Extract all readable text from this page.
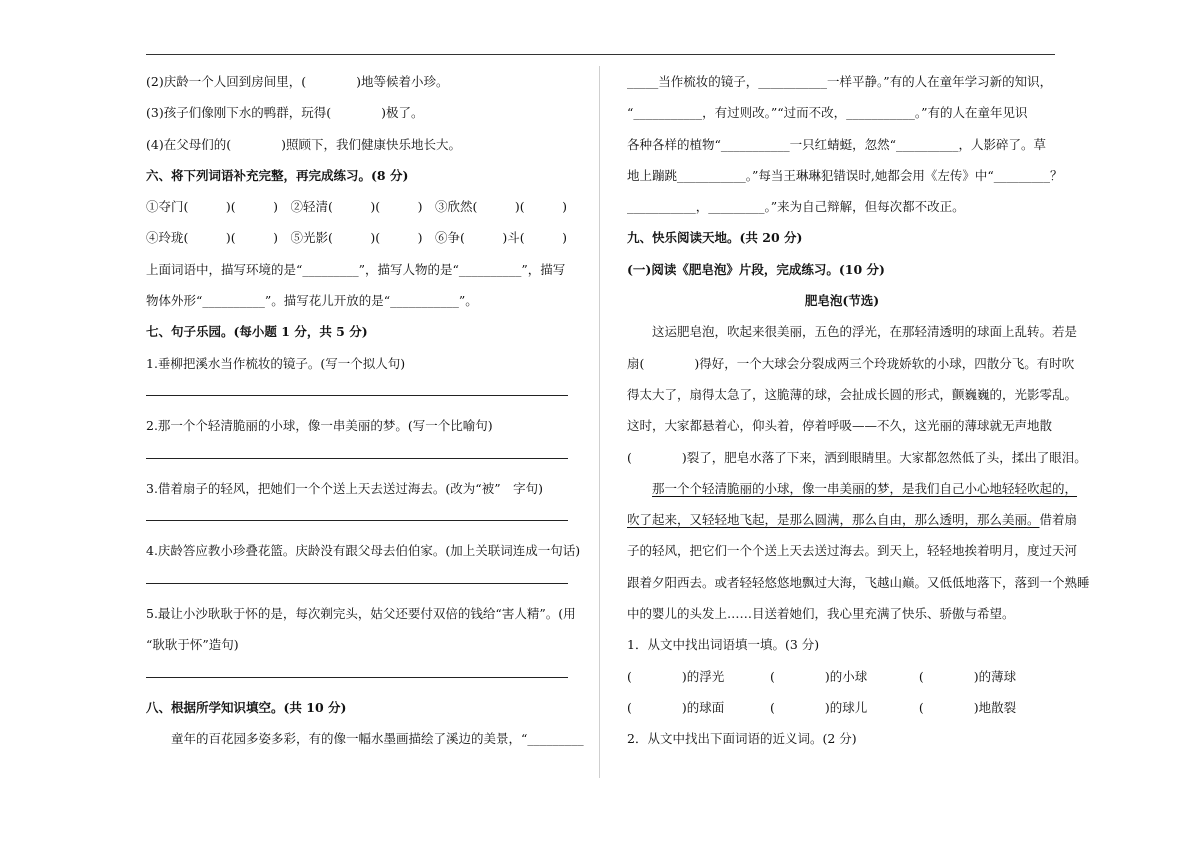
(2)庆龄一个人回到房间里，(　　　　)地等候着小珍。
(3)孩子们像刚下水的鸭群，玩得(　　　　)极了。
(4)在父母们的(　　　　)照顾下，我们健康快乐地长大。
六、将下列词语补充完整，再完成练习。(8 分)
①夺门(　　　)(　　　)　②轻清(　　　)(　　　)　③欣然(　　　)(　　　)
④玲珑(　　　)(　　　)　⑤光影(　　　)(　　　)　⑥争(　　　)斗(　　　)
上面词语中，描写环境的是“_________”，描写人物的是“__________”，描写
物体外形“__________”。描写花儿开放的是“___________”。
七、句子乐园。(每小题 1 分，共 5 分)
1.垂柳把溪水当作梳妆的镜子。(写一个拟人句)
2.那一个个轻清脆丽的小球，像一串美丽的梦。(写一个比喻句)
3.借着扇子的轻风，把她们一个个送上天去送过海去。(改为“被”　字句)
4.庆龄答应教小珍叠花篮。庆龄没有跟父母去伯伯家。(加上关联词连成一句话)
5.最让小沙耿耿于怀的是，每次剃完头，姑父还要付双倍的钱给“害人精”。(用
“耿耿于怀”造句)
八、根据所学知识填空。(共 10 分)
童年的百花园多姿多彩，有的像一幅水墨画描绘了溪边的美景，“_________
_____当作梳妆的镜子，___________一样平静。”有的人在童年学习新的知识，
“___________，有过则改。”“过而不改，___________。”有的人在童年见识
各种各样的植物“___________一只红蜻蜓，忽然“__________，人影碎了。草
地上蹦跳___________。”每当王琳琳犯错误时,她都会用《左传》中“_________？
___________，_________。”来为自己辩解，但每次都不改正。
九、快乐阅读天地。(共 20 分)
(一)阅读《肥皂泡》片段，完成练习。(10 分)
肥皂泡(节选)
这运肥皂泡，吹起来很美丽，五色的浮光，在那轻清透明的球面上乱转。若是
扇(　　　　)得好，一个大球会分裂成两三个玲珑娇软的小球，四散分飞。有时吹
得太大了，扇得太急了，这脆薄的球，会扯成长圆的形式，颤巍巍的，光影零乱。
这时，大家都悬着心，仰头着，停着呼吸——不久，这光丽的薄球就无声地散
(　　　　)裂了，肥皂水落了下来，洒到眼睛里。大家都忽然低了头，揉出了眼泪。
那一个个轻清脆丽的小球，像一串美丽的梦，是我们自己小心地轻轻吹起的，
吹了起来，又轻轻地飞起，是那么圆满，那么自由，那么透明，那么美丽。借着扇
子的轻风，把它们一个个送上天去送过海去。到天上，轻轻地挨着明月，度过天河
跟着夕阳西去。或者轻轻悠悠地飘过大海，飞越山巅。又低低地落下，落到一个熟睡
中的婴儿的头发上……目送着她们，我心里充满了快乐、骄傲与希望。
1．从文中找出词语填一填。(3 分)
(　　　　)的浮光	(　　　　)的小球	(　　　　)的薄球
(　　　　)的球面	(　　　　)的球儿	(　　　　)地散裂
2．从文中找出下面词语的近义词。(2 分)
